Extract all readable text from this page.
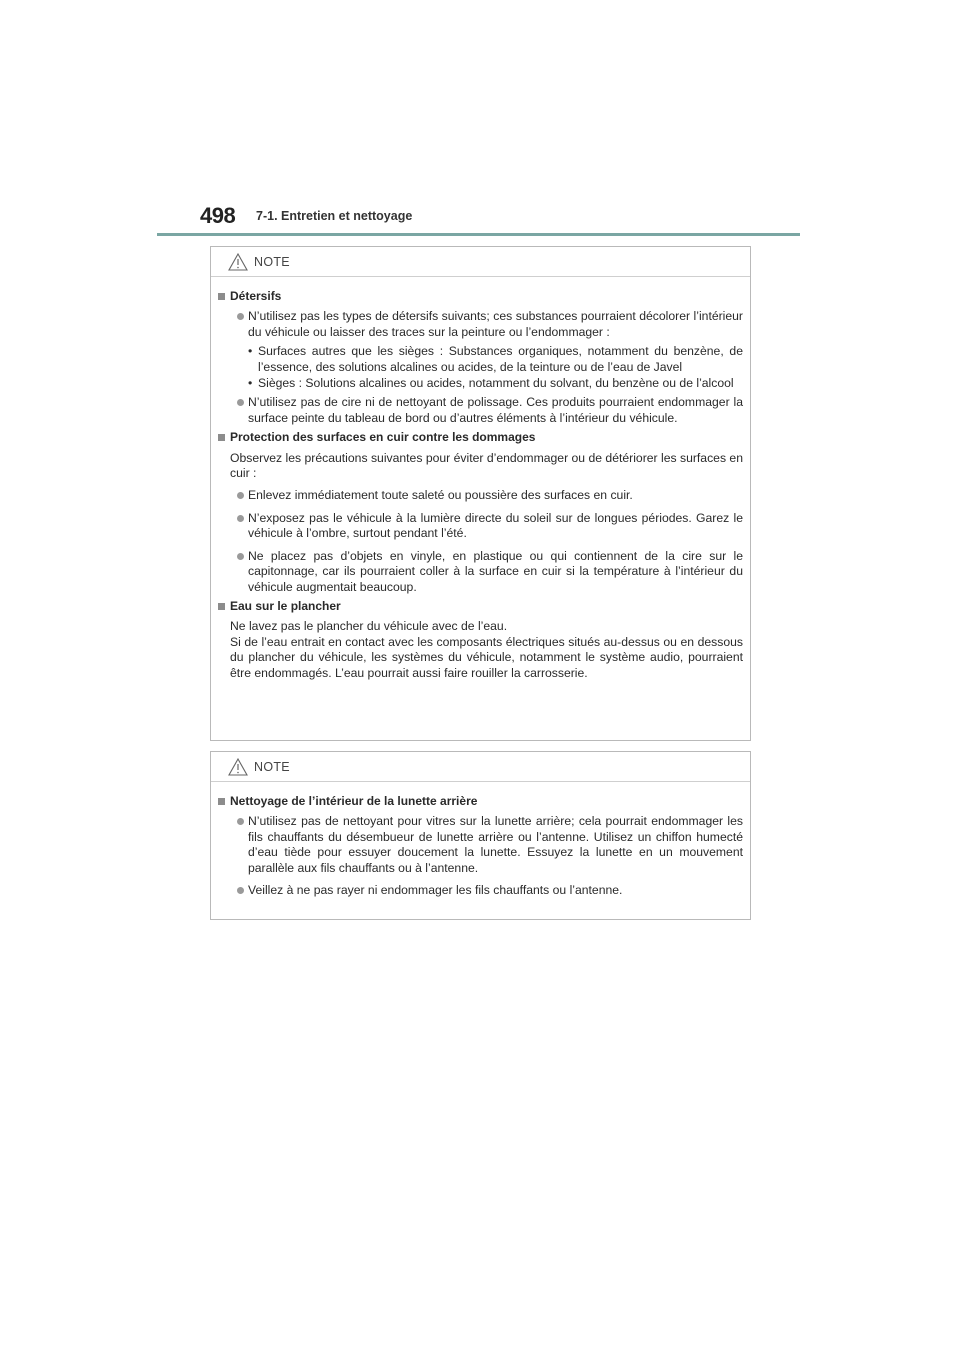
498 7-1. Entretien et nettoyage
NOTE
Détersifs
N’utilisez pas les types de détersifs suivants; ces substances pourraient décolorer l’intérieur du véhicule ou laisser des traces sur la peinture ou l’endommager :
• Surfaces autres que les sièges : Substances organiques, notamment du benzène, de l’essence, des solutions alcalines ou acides, de la teinture ou de l’eau de Javel
• Sièges : Solutions alcalines ou acides, notamment du solvant, du benzène ou de l’alcool
N’utilisez pas de cire ni de nettoyant de polissage. Ces produits pourraient endommager la surface peinte du tableau de bord ou d’autres éléments à l’intérieur du véhicule.
Protection des surfaces en cuir contre les dommages
Observez les précautions suivantes pour éviter d’endommager ou de détériorer les surfaces en cuir :
Enlevez immédiatement toute saleté ou poussière des surfaces en cuir.
N’exposez pas le véhicule à la lumière directe du soleil sur de longues périodes. Garez le véhicule à l’ombre, surtout pendant l’été.
Ne placez pas d’objets en vinyle, en plastique ou qui contiennent de la cire sur le capitonnage, car ils pourraient coller à la surface en cuir si la température à l’intérieur du véhicule augmentait beaucoup.
Eau sur le plancher
Ne lavez pas le plancher du véhicule avec de l’eau.
Si de l’eau entrait en contact avec les composants électriques situés au-dessus ou en dessous du plancher du véhicule, les systèmes du véhicule, notamment le système audio, pourraient être endommagés. L’eau pourrait aussi faire rouiller la carrosserie.
NOTE
Nettoyage de l’intérieur de la lunette arrière
N’utilisez pas de nettoyant pour vitres sur la lunette arrière; cela pourrait endommager les fils chauffants du désembueur de lunette arrière ou l’antenne. Utilisez un chiffon humecté d’eau tiède pour essuyer doucement la lunette. Essuyez la lunette en un mouvement parallèle aux fils chauffants ou à l’antenne.
Veillez à ne pas rayer ni endommager les fils chauffants ou l’antenne.
